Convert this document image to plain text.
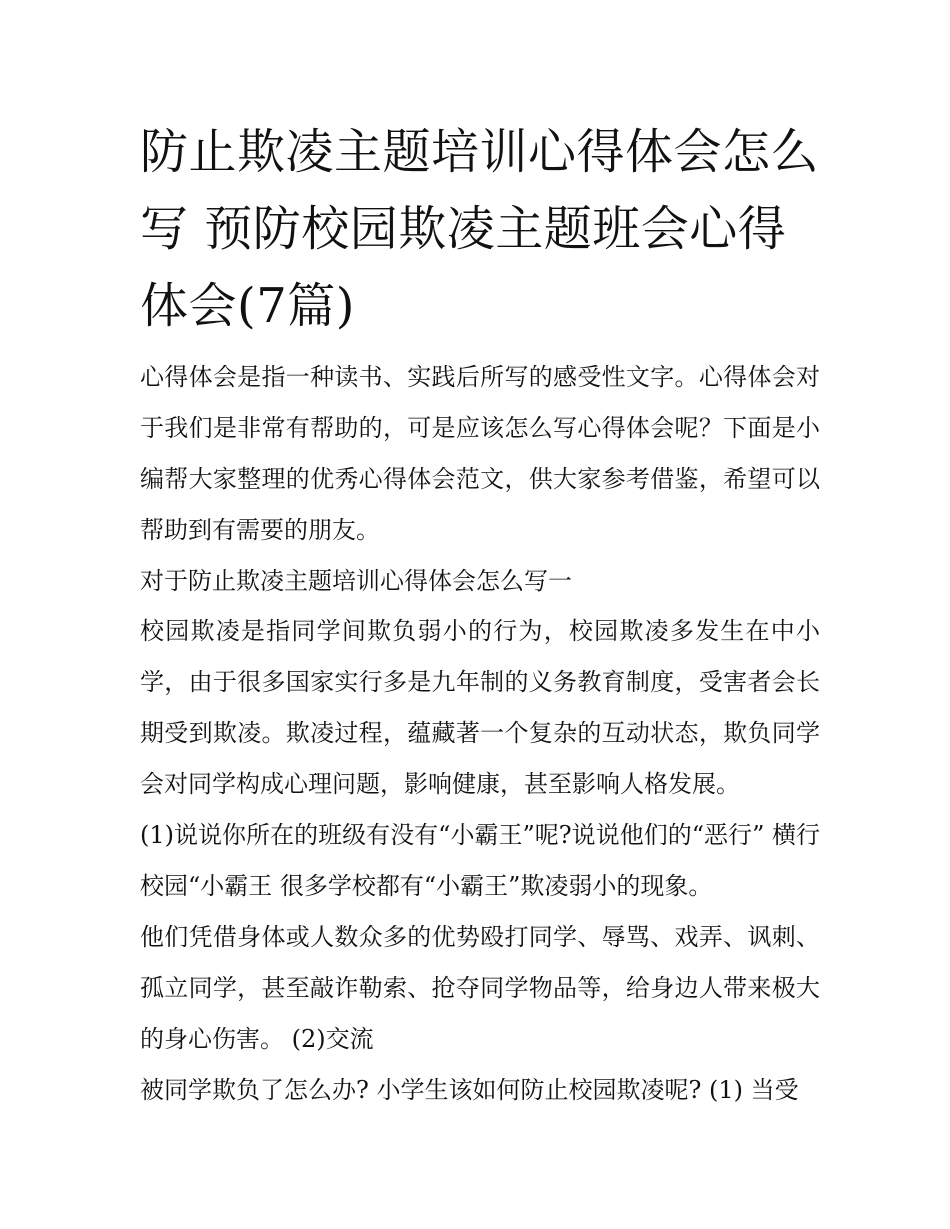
防止欺凌主题培训心得体会怎么写 预防校园欺凌主题班会心得体会(7篇)

心得体会是指一种读书、实践后所写的感受性文字。心得体会对于我们是非常有帮助的，可是应该怎么写心得体会呢？下面是小编帮大家整理的优秀心得体会范文，供大家参考借鉴，希望可以帮助到有需要的朋友。

对于防止欺凌主题培训心得体会怎么写一

校园欺凌是指同学间欺负弱小的行为，校园欺凌多发生在中小学，由于很多国家实行多是九年制的义务教育制度，受害者会长期受到欺凌。欺凌过程，蕴藏著一个复杂的互动状态，欺负同学会对同学构成心理问题，影响健康，甚至影响人格发展。

(1)说说你所在的班级有没有“小霸王”呢?说说他们的“恶行” 横行校园“小霸王 很多学校都有“小霸王”欺凌弱小的现象。

他们凭借身体或人数众多的优势殴打同学、辱骂、戏弄、讽刺、孤立同学，甚至敲诈勒索、抢夺同学物品等，给身边人带来极大的身心伤害。 (2)交流

被同学欺负了怎么办? 小学生该如何防止校园欺凌呢? (1) 当受
